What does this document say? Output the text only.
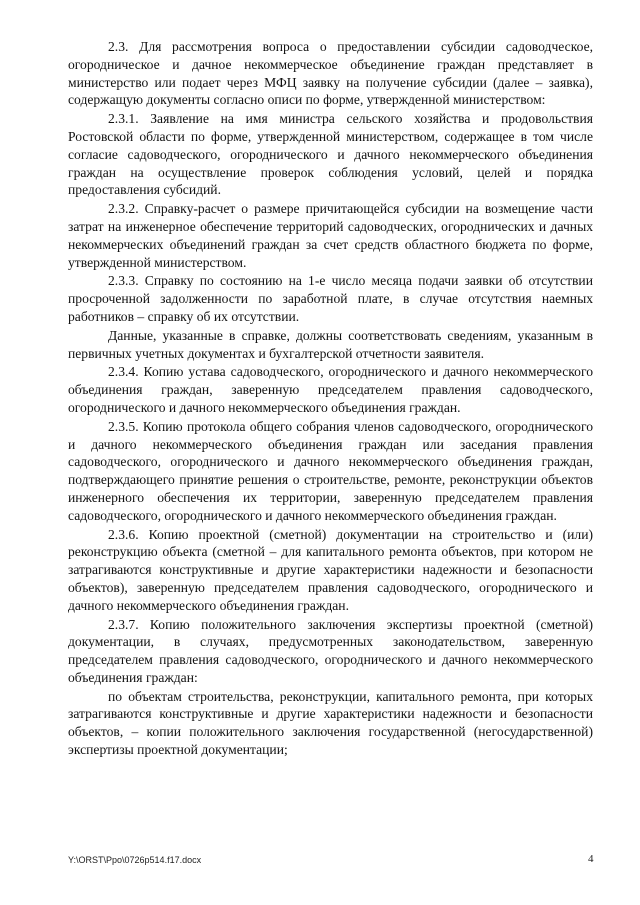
2.3. Для рассмотрения вопроса о предоставлении субсидии садоводческое, огородническое и дачное некоммерческое объединение граждан представляет в министерство или подает через МФЦ заявку на получение субсидии (далее – заявка), содержащую документы согласно описи по форме, утвержденной министерством:

2.3.1. Заявление на имя министра сельского хозяйства и продовольствия Ростовской области по форме, утвержденной министерством, содержащее в том числе согласие садоводческого, огороднического и дачного некоммерческого объединения граждан на осуществление проверок соблюдения условий, целей и порядка предоставления субсидий.

2.3.2. Справку-расчет о размере причитающейся субсидии на возмещение части затрат на инженерное обеспечение территорий садоводческих, огороднических и дачных некоммерческих объединений граждан за счет средств областного бюджета по форме, утвержденной министерством.

2.3.3. Справку по состоянию на 1-е число месяца подачи заявки об отсутствии просроченной задолженности по заработной плате, в случае отсутствия наемных работников – справку об их отсутствии.

Данные, указанные в справке, должны соответствовать сведениям, указанным в первичных учетных документах и бухгалтерской отчетности заявителя.

2.3.4. Копию устава садоводческого, огороднического и дачного некоммерческого объединения граждан, заверенную председателем правления садоводческого, огороднического и дачного некоммерческого объединения граждан.

2.3.5. Копию протокола общего собрания членов садоводческого, огороднического и дачного некоммерческого объединения граждан или заседания правления садоводческого, огороднического и дачного некоммерческого объединения граждан, подтверждающего принятие решения о строительстве, ремонте, реконструкции объектов инженерного обеспечения их территории, заверенную председателем правления садоводческого, огороднического и дачного некоммерческого объединения граждан.

2.3.6. Копию проектной (сметной) документации на строительство и (или) реконструкцию объекта (сметной – для капитального ремонта объектов, при котором не затрагиваются конструктивные и другие характеристики надежности и безопасности объектов), заверенную председателем правления садоводческого, огороднического и дачного некоммерческого объединения граждан.

2.3.7. Копию положительного заключения экспертизы проектной (сметной) документации, в случаях, предусмотренных законодательством, заверенную председателем правления садоводческого, огороднического и дачного некоммерческого объединения граждан:

по объектам строительства, реконструкции, капитального ремонта, при которых затрагиваются конструктивные и другие характеристики надежности и безопасности объектов, – копии положительного заключения государственной (негосударственной) экспертизы проектной документации;

Y:\ORST\Ppo\0726p514.f17.docx	4
